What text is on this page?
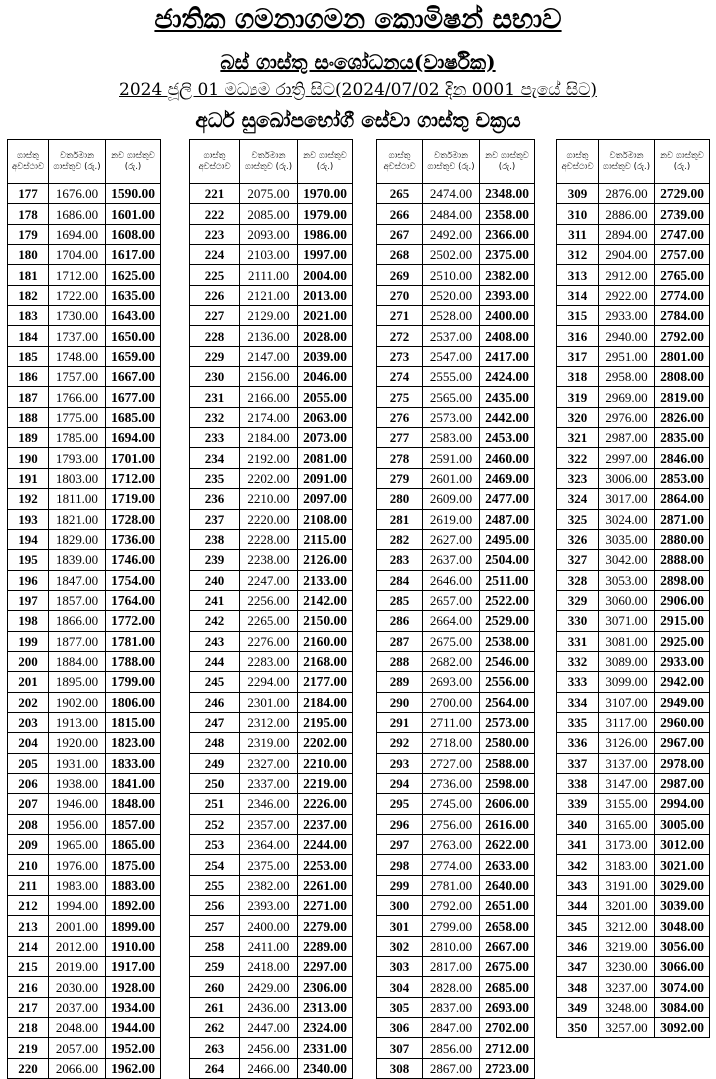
ජාතික ගමනාගමන කොමිෂන් සභාව
බස් ගාස්තු සංශෝධනය(වාර්ෂික)
2024 ජූලි 01 මධ්‍යම රාත්‍රි සිට(2024/07/02 දින 0001 පැයේ සිට)
අර්ධ සුඛෝපභෝගී සේවා ගාස්තු චක්‍රය
ගාස්තු අවස්ථාව	වර්තමාන ගාස්තුව (රු.)	නව ගාස්තුව (රු.)
177	1676.00	1590.00
178	1686.00	1601.00
179	1694.00	1608.00
180	1704.00	1617.00
181	1712.00	1625.00
182	1722.00	1635.00
183	1730.00	1643.00
184	1737.00	1650.00
185	1748.00	1659.00
186	1757.00	1667.00
187	1766.00	1677.00
188	1775.00	1685.00
189	1785.00	1694.00
190	1793.00	1701.00
191	1803.00	1712.00
192	1811.00	1719.00
193	1821.00	1728.00
194	1829.00	1736.00
195	1839.00	1746.00
196	1847.00	1754.00
197	1857.00	1764.00
198	1866.00	1772.00
199	1877.00	1781.00
200	1884.00	1788.00
201	1895.00	1799.00
202	1902.00	1806.00
203	1913.00	1815.00
204	1920.00	1823.00
205	1931.00	1833.00
206	1938.00	1841.00
207	1946.00	1848.00
208	1956.00	1857.00
209	1965.00	1865.00
210	1976.00	1875.00
211	1983.00	1883.00
212	1994.00	1892.00
213	2001.00	1899.00
214	2012.00	1910.00
215	2019.00	1917.00
216	2030.00	1928.00
217	2037.00	1934.00
218	2048.00	1944.00
219	2057.00	1952.00
220	2066.00	1962.00
ගාස්තු අවස්ථාව	වර්තමාන ගාස්තුව (රු.)	නව ගාස්තුව (රු.)
221	2075.00	1970.00
222	2085.00	1979.00
223	2093.00	1986.00
224	2103.00	1997.00
225	2111.00	2004.00
226	2121.00	2013.00
227	2129.00	2021.00
228	2136.00	2028.00
229	2147.00	2039.00
230	2156.00	2046.00
231	2166.00	2055.00
232	2174.00	2063.00
233	2184.00	2073.00
234	2192.00	2081.00
235	2202.00	2091.00
236	2210.00	2097.00
237	2220.00	2108.00
238	2228.00	2115.00
239	2238.00	2126.00
240	2247.00	2133.00
241	2256.00	2142.00
242	2265.00	2150.00
243	2276.00	2160.00
244	2283.00	2168.00
245	2294.00	2177.00
246	2301.00	2184.00
247	2312.00	2195.00
248	2319.00	2202.00
249	2327.00	2210.00
250	2337.00	2219.00
251	2346.00	2226.00
252	2357.00	2237.00
253	2364.00	2244.00
254	2375.00	2253.00
255	2382.00	2261.00
256	2393.00	2271.00
257	2400.00	2279.00
258	2411.00	2289.00
259	2418.00	2297.00
260	2429.00	2306.00
261	2436.00	2313.00
262	2447.00	2324.00
263	2456.00	2331.00
264	2466.00	2340.00
ගාස්තු අවස්ථාව	වර්තමාන ගාස්තුව (රු.)	නව ගාස්තුව (රු.)
265	2474.00	2348.00
266	2484.00	2358.00
267	2492.00	2366.00
268	2502.00	2375.00
269	2510.00	2382.00
270	2520.00	2393.00
271	2528.00	2400.00
272	2537.00	2408.00
273	2547.00	2417.00
274	2555.00	2424.00
275	2565.00	2435.00
276	2573.00	2442.00
277	2583.00	2453.00
278	2591.00	2460.00
279	2601.00	2469.00
280	2609.00	2477.00
281	2619.00	2487.00
282	2627.00	2495.00
283	2637.00	2504.00
284	2646.00	2511.00
285	2657.00	2522.00
286	2664.00	2529.00
287	2675.00	2538.00
288	2682.00	2546.00
289	2693.00	2556.00
290	2700.00	2564.00
291	2711.00	2573.00
292	2718.00	2580.00
293	2727.00	2588.00
294	2736.00	2598.00
295	2745.00	2606.00
296	2756.00	2616.00
297	2763.00	2622.00
298	2774.00	2633.00
299	2781.00	2640.00
300	2792.00	2651.00
301	2799.00	2658.00
302	2810.00	2667.00
303	2817.00	2675.00
304	2828.00	2685.00
305	2837.00	2693.00
306	2847.00	2702.00
307	2856.00	2712.00
308	2867.00	2723.00
ගාස්තු අවස්ථාව	වර්තමාන ගාස්තුව (රු.)	නව ගාස්තුව (රු.)
309	2876.00	2729.00
310	2886.00	2739.00
311	2894.00	2747.00
312	2904.00	2757.00
313	2912.00	2765.00
314	2922.00	2774.00
315	2933.00	2784.00
316	2940.00	2792.00
317	2951.00	2801.00
318	2958.00	2808.00
319	2969.00	2819.00
320	2976.00	2826.00
321	2987.00	2835.00
322	2997.00	2846.00
323	3006.00	2853.00
324	3017.00	2864.00
325	3024.00	2871.00
326	3035.00	2880.00
327	3042.00	2888.00
328	3053.00	2898.00
329	3060.00	2906.00
330	3071.00	2915.00
331	3081.00	2925.00
332	3089.00	2933.00
333	3099.00	2942.00
334	3107.00	2949.00
335	3117.00	2960.00
336	3126.00	2967.00
337	3137.00	2978.00
338	3147.00	2987.00
339	3155.00	2994.00
340	3165.00	3005.00
341	3173.00	3012.00
342	3183.00	3021.00
343	3191.00	3029.00
344	3201.00	3039.00
345	3212.00	3048.00
346	3219.00	3056.00
347	3230.00	3066.00
348	3237.00	3074.00
349	3248.00	3084.00
350	3257.00	3092.00
